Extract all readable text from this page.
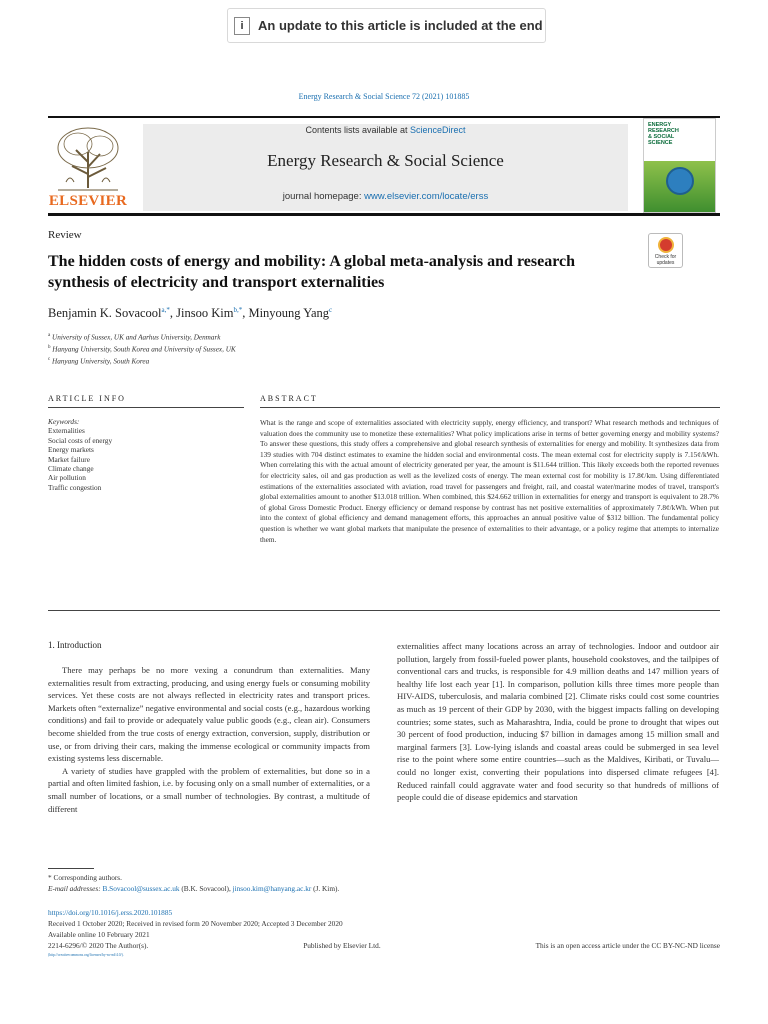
i	An update to this article is included at the end
Energy Research & Social Science 72 (2021) 101885
ELSEVIER
Contents lists available at ScienceDirect
Energy Research & Social Science
journal homepage: www.elsevier.com/locate/erss
ENERGY
RESEARCH
& SOCIAL
SCIENCE
Review
The hidden costs of energy and mobility: A global meta-analysis and research synthesis of electricity and transport externalities
Check for updates
Benjamin K. Sovacool$^{a,*}$, Jinsoo Kim$^{b,*}$, Minyoung Yang$^c$
$^a$ University of Sussex, UK and Aarhus University, Denmark
$^b$ Hanyang University, South Korea and University of Sussex, UK
$^c$ Hanyang University, South Korea
ARTICLE INFO
Keywords:
Externalities
Social costs of energy
Energy markets
Market failure
Climate change
Air pollution
Traffic congestion
ABSTRACT
What is the range and scope of externalities associated with electricity supply, energy efficiency, and transport? What research methods and techniques of valuation does the community use to monetize these externalities? What policy implications arise in terms of better governing energy and mobility systems? To answer these questions, this study offers a comprehensive and global research synthesis of externalities for energy and mobility. It synthesizes data from 139 studies with 704 distinct estimates to examine the hidden social and environmental costs. The mean external cost for electricity supply is 7.15¢/kWh. When correlating this with the actual amount of electricity generated per year, the amount is $11.644 trillion. This likely exceeds both the reported revenues for electricity sales, oil and gas production as well as the levelized costs of energy. The mean external cost for mobility is 17.8¢/km. Using differentiated estimations of the externalities associated with aviation, road travel for passengers and freight, rail, and coastal water/marine modes of travel, transport's global externalities amount to another $13.018 trillion. When combined, this $24.662 trillion in externalities for energy and transport is equivalent to 28.7% of global Gross Domestic Product. Energy efficiency or demand response by contrast has net positive externalities of approximately 7.8¢/kWh. When put into the context of global efficiency and demand management efforts, this approaches an annual positive value of $312 billion. The fundamental policy question is whether we want global markets that manipulate the presence of externalities to their advantage, or a policy regime that attempts to internalize them.
1. Introduction

There may perhaps be no more vexing a conundrum than externalities. Many externalities result from extracting, producing, and using energy fuels or consuming mobility services. Yet these costs are not always reflected in electricity rates and transport prices. Markets often “externalize” negative environmental and social costs (e.g., hazardous working conditions) and fail to provide or adequately value public goods (e.g., clean air). Consumers become shielded from the true costs of energy extraction, conversion, supply, distribution or use, or from driving their cars, making the immense ecological or community impacts from existing systems less discernable.

A variety of studies have grappled with the problem of externalities, but done so in a partial and often limited fashion, i.e. by focusing only on a small number of externalities, or a small number of locations, or a small number of technologies. By contrast, a multitude of different

externalities affect many locations across an array of technologies. Indoor and outdoor air pollution, largely from fossil-fueled power plants, household cookstoves, and the tailpipes of conventional cars and trucks, is responsible for 4.9 million deaths and 147 million years of healthy life lost each year [1]. In comparison, pollution kills three times more people than HIV-AIDS, tuberculosis, and malaria combined [2]. Climate risks could cost some countries as much as 19 percent of their GDP by 2030, with the biggest impacts falling on developing countries; some states, such as Maharashtra, India, could be prone to drought that wipes out 30 percent of food production, inducing $7 billion in damages among 15 million small and marginal farmers [3]. Low-lying islands and coastal areas could be submerged in sea level rise to the point where some entire countries—such as the Maldives, Kiribati, or Tuvalu—could no longer exist, converting their populations into dispersed climate refugees [4]. Reduced rainfall could aggravate water and food security so that hundreds of millions of people could die of disease epidemics and starvation

* Corresponding authors.
E-mail addresses: B.Sovacool@sussex.ac.uk (B.K. Sovacool), jinsoo.kim@hanyang.ac.kr (J. Kim).
https://doi.org/10.1016/j.erss.2020.101885
Received 1 October 2020; Received in revised form 20 November 2020; Accepted 3 December 2020
Available online 10 February 2021
2214-6296/© 2020 The Author(s).	Published by Elsevier Ltd.	This is an open access article under the CC BY-NC-ND license
(http://creativecommons.org/licenses/by-nc-nd/4.0/).
